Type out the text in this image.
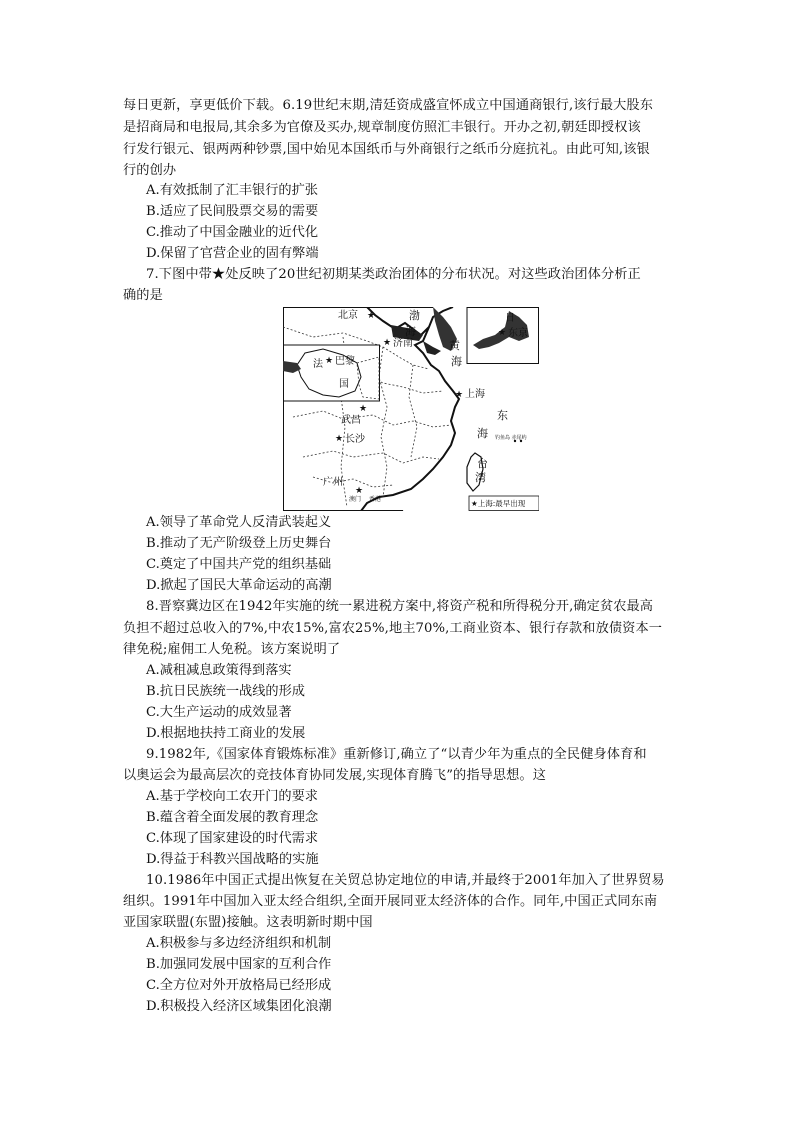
每日更新，享更低价下载。6.19世纪末期,清廷资成盛宣怀成立中国通商银行,该行最大股东
是招商局和电报局,其余多为官僚及买办,规章制度仿照汇丰银行。开办之初,朝廷即授权该
行发行银元、银两两种钞票,国中始见本国纸币与外商银行之纸币分庭抗礼。由此可知,该银
行的创办
A.有效抵制了汇丰银行的扩张
B.适应了民间股票交易的需要
C.推动了中国金融业的近代化
D.保留了官营企业的固有弊端
7.下图中带★处反映了20世纪初期某类政治团体的分布状况。对这些政治团体分析正
确的是
★
★
★
★
★
★
★
★
北京	渤
海
济南
巴黎
法
国
日
东京
黄
海
上海
东
海
武昌
长沙	钓鱼岛 赤尾屿
台
湾
广州
澳门 香港	★上海:最早出现
A.领导了革命党人反清武装起义
B.推动了无产阶级登上历史舞台
C.奠定了中国共产党的组织基础
D.掀起了国民大革命运动的高潮
8.晋察冀边区在1942年实施的统一累进税方案中,将资产税和所得税分开,确定贫农最高
负担不超过总收入的7%,中农15%,富农25%,地主70%,工商业资本、银行存款和放债资本一
律免税;雇佣工人免税。该方案说明了
A.减租减息政策得到落实
B.抗日民族统一战线的形成
C.大生产运动的成效显著
D.根据地扶持工商业的发展
9.1982年,《国家体育锻炼标准》重新修订,确立了“以青少年为重点的全民健身体育和
以奥运会为最高层次的竞技体育协同发展,实现体育腾飞”的指导思想。这
A.基于学校向工农开门的要求
B.蕴含着全面发展的教育理念
C.体现了国家建设的时代需求
D.得益于科教兴国战略的实施
10.1986年中国正式提出恢复在关贸总协定地位的申请,并最终于2001年加入了世界贸易
组织。1991年中国加入亚太经合组织,全面开展同亚太经济体的合作。同年,中国正式同东南
亚国家联盟(东盟)接触。这表明新时期中国
A.积极参与多边经济组织和机制
B.加强同发展中国家的互利合作
C.全方位对外开放格局已经形成
D.积极投入经济区域集团化浪潮
